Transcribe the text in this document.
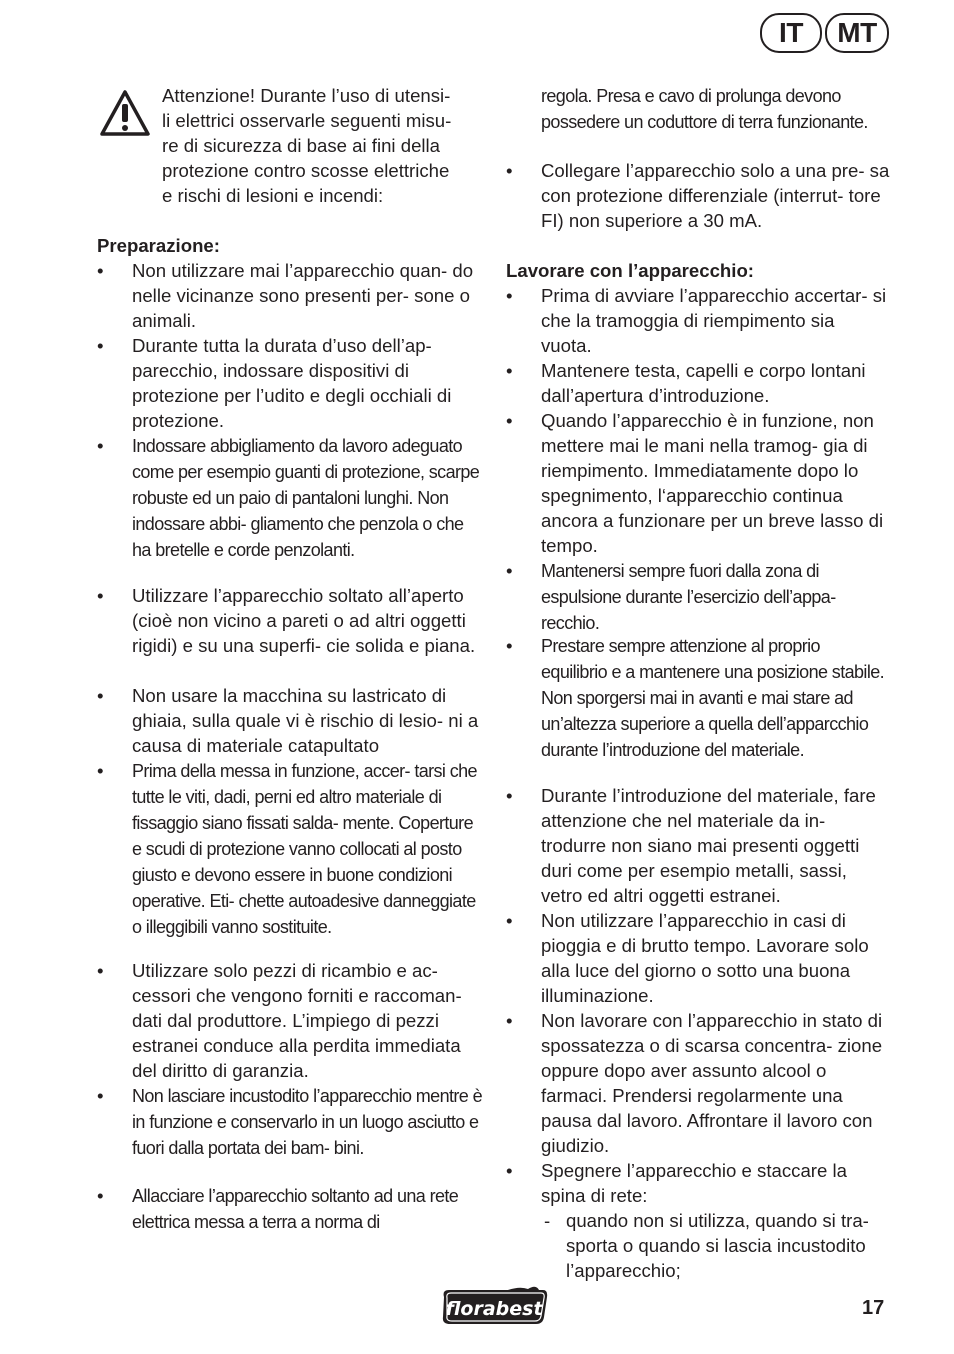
IT	MT
Attenzione! Durante l’uso di utensi-
li elettrici osservarle seguenti misu-
re di sicurezza di base ai fini della
protezione contro scosse elettriche
e rischi di lesioni e incendi:

Preparazione:

• Non utilizzare mai l’apparecchio quan- do nelle vicinanze sono presenti per- sone o animali.
• Durante tutta la durata d’uso dell’ap- parecchio, indossare dispositivi di protezione per l’udito e degli occhiali di protezione.
• Indossare abbigliamento da lavoro adeguato come per esempio guanti di protezione, scarpe robuste ed un paio di pantaloni lunghi. Non indossare abbi- gliamento che penzola o che ha bretelle e corde penzolanti.
• Utilizzare l’apparecchio soltato all’aperto (cioè non vicino a pareti o ad altri oggetti rigidi) e su una superfi- cie solida e piana.
• Non usare la macchina su lastricato di ghiaia, sulla quale vi è rischio di lesio- ni a causa di materiale catapultato
• Prima della messa in funzione, accer- tarsi che tutte le viti, dadi, perni ed altro materiale di fissaggio siano fissati salda- mente. Coperture e scudi di protezione vanno collocati al posto giusto e devono essere in buone condizioni operative. Eti- chette autoadesive danneggiate o illeggibili vanno sostituite.
• Utilizzare solo pezzi di ricambio e ac- cessori che vengono forniti e raccoman- dati dal produttore. L’impiego di pezzi estranei conduce alla perdita immediata del diritto di garanzia.
• Non lasciare incustodito l’apparecchio mentre è in funzione e conservarlo in un luogo asciutto e fuori dalla portata dei bam- bini.
• Allacciare l’apparecchio soltanto ad una rete elettrica messa a terra a norma di
regola. Presa e cavo di prolunga devono possedere un coduttore di terra funzionante.
• Collegare l’apparecchio solo a una pre- sa con protezione differenziale (interrut- tore FI) non superiore a 30 mA.

Lavorare con l’apparecchio:

• Prima di avviare l’apparecchio accertar- si che la tramoggia di riempimento sia vuota.
• Mantenere testa, capelli e corpo lontani dall’apertura d’introduzione.
• Quando l’apparecchio è in funzione, non mettere mai le mani nella tramog- gia di riempimento. Immediatamente dopo lo spegnimento, l‘apparecchio continua ancora a funzionare per un breve lasso di tempo.
• Mantenersi sempre fuori dalla zona di espulsione durante l’esercizio dell’appa- recchio.
• Prestare sempre attenzione al proprio equilibrio e a mantenere una posizione stabile. Non sporgersi mai in avanti e mai stare ad un’altezza superiore a quella dell’apparcchio durante l’introduzione del materiale.
• Durante l’introduzione del materiale, fare attenzione che nel materiale da in- trodurre non siano mai presenti oggetti duri come per esempio metalli, sassi, vetro ed altri oggetti estranei.
• Non utilizzare l’apparecchio in casi di pioggia e di brutto tempo. Lavorare solo alla luce del giorno o sotto una buona illuminazione.
• Non lavorare con l’apparecchio in stato di spossatezza o di scarsa concentra- zione oppure dopo aver assunto alcool o farmaci. Prendersi regolarmente una pausa dal lavoro. Affrontare il lavoro con giudizio.
• Spegnere l’apparecchio e staccare la spina di rete:
- quando non si utilizza, quando si tra- sporta o quando si lascia incustodito l’apparecchio;
florabest	17
